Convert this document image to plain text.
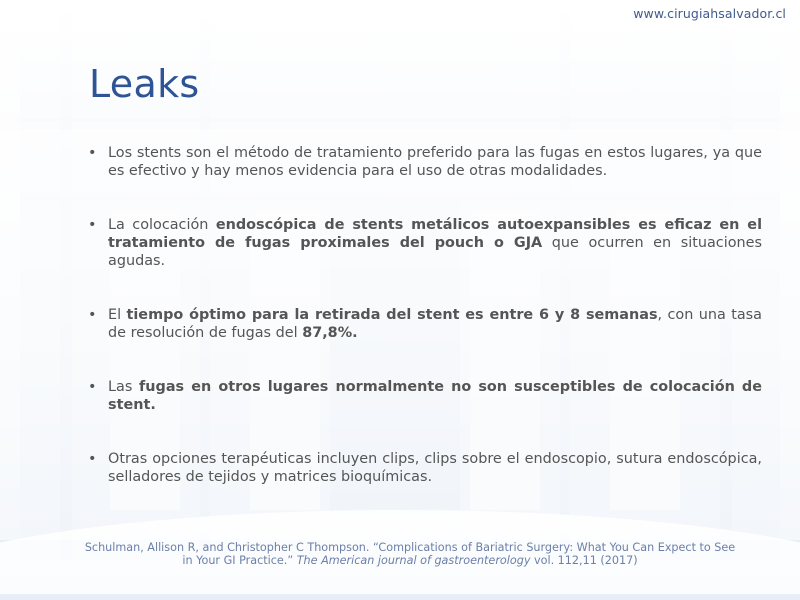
www.cirugiahsalvador.cl
Leaks
• Los stents son el método de tratamiento preferido para las fugas en estos lugares, ya que es efectivo y hay menos evidencia para el uso de otras modalidades.
• La colocación endoscópica de stents metálicos autoexpansibles es eficaz en el tratamiento de fugas proximales del pouch o GJA que ocurren en situaciones agudas.
• El tiempo óptimo para la retirada del stent es entre 6 y 8 semanas, con una tasa de resolución de fugas del 87,8%.
• Las fugas en otros lugares normalmente no son susceptibles de colocación de stent.
• Otras opciones terapéuticas incluyen clips, clips sobre el endoscopio, sutura endoscópica, selladores de tejidos y matrices bioquímicas.
Schulman, Allison R, and Christopher C Thompson. “Complications of Bariatric Surgery: What You Can Expect to See in Your GI Practice.” The American journal of gastroenterology vol. 112,11 (2017)
